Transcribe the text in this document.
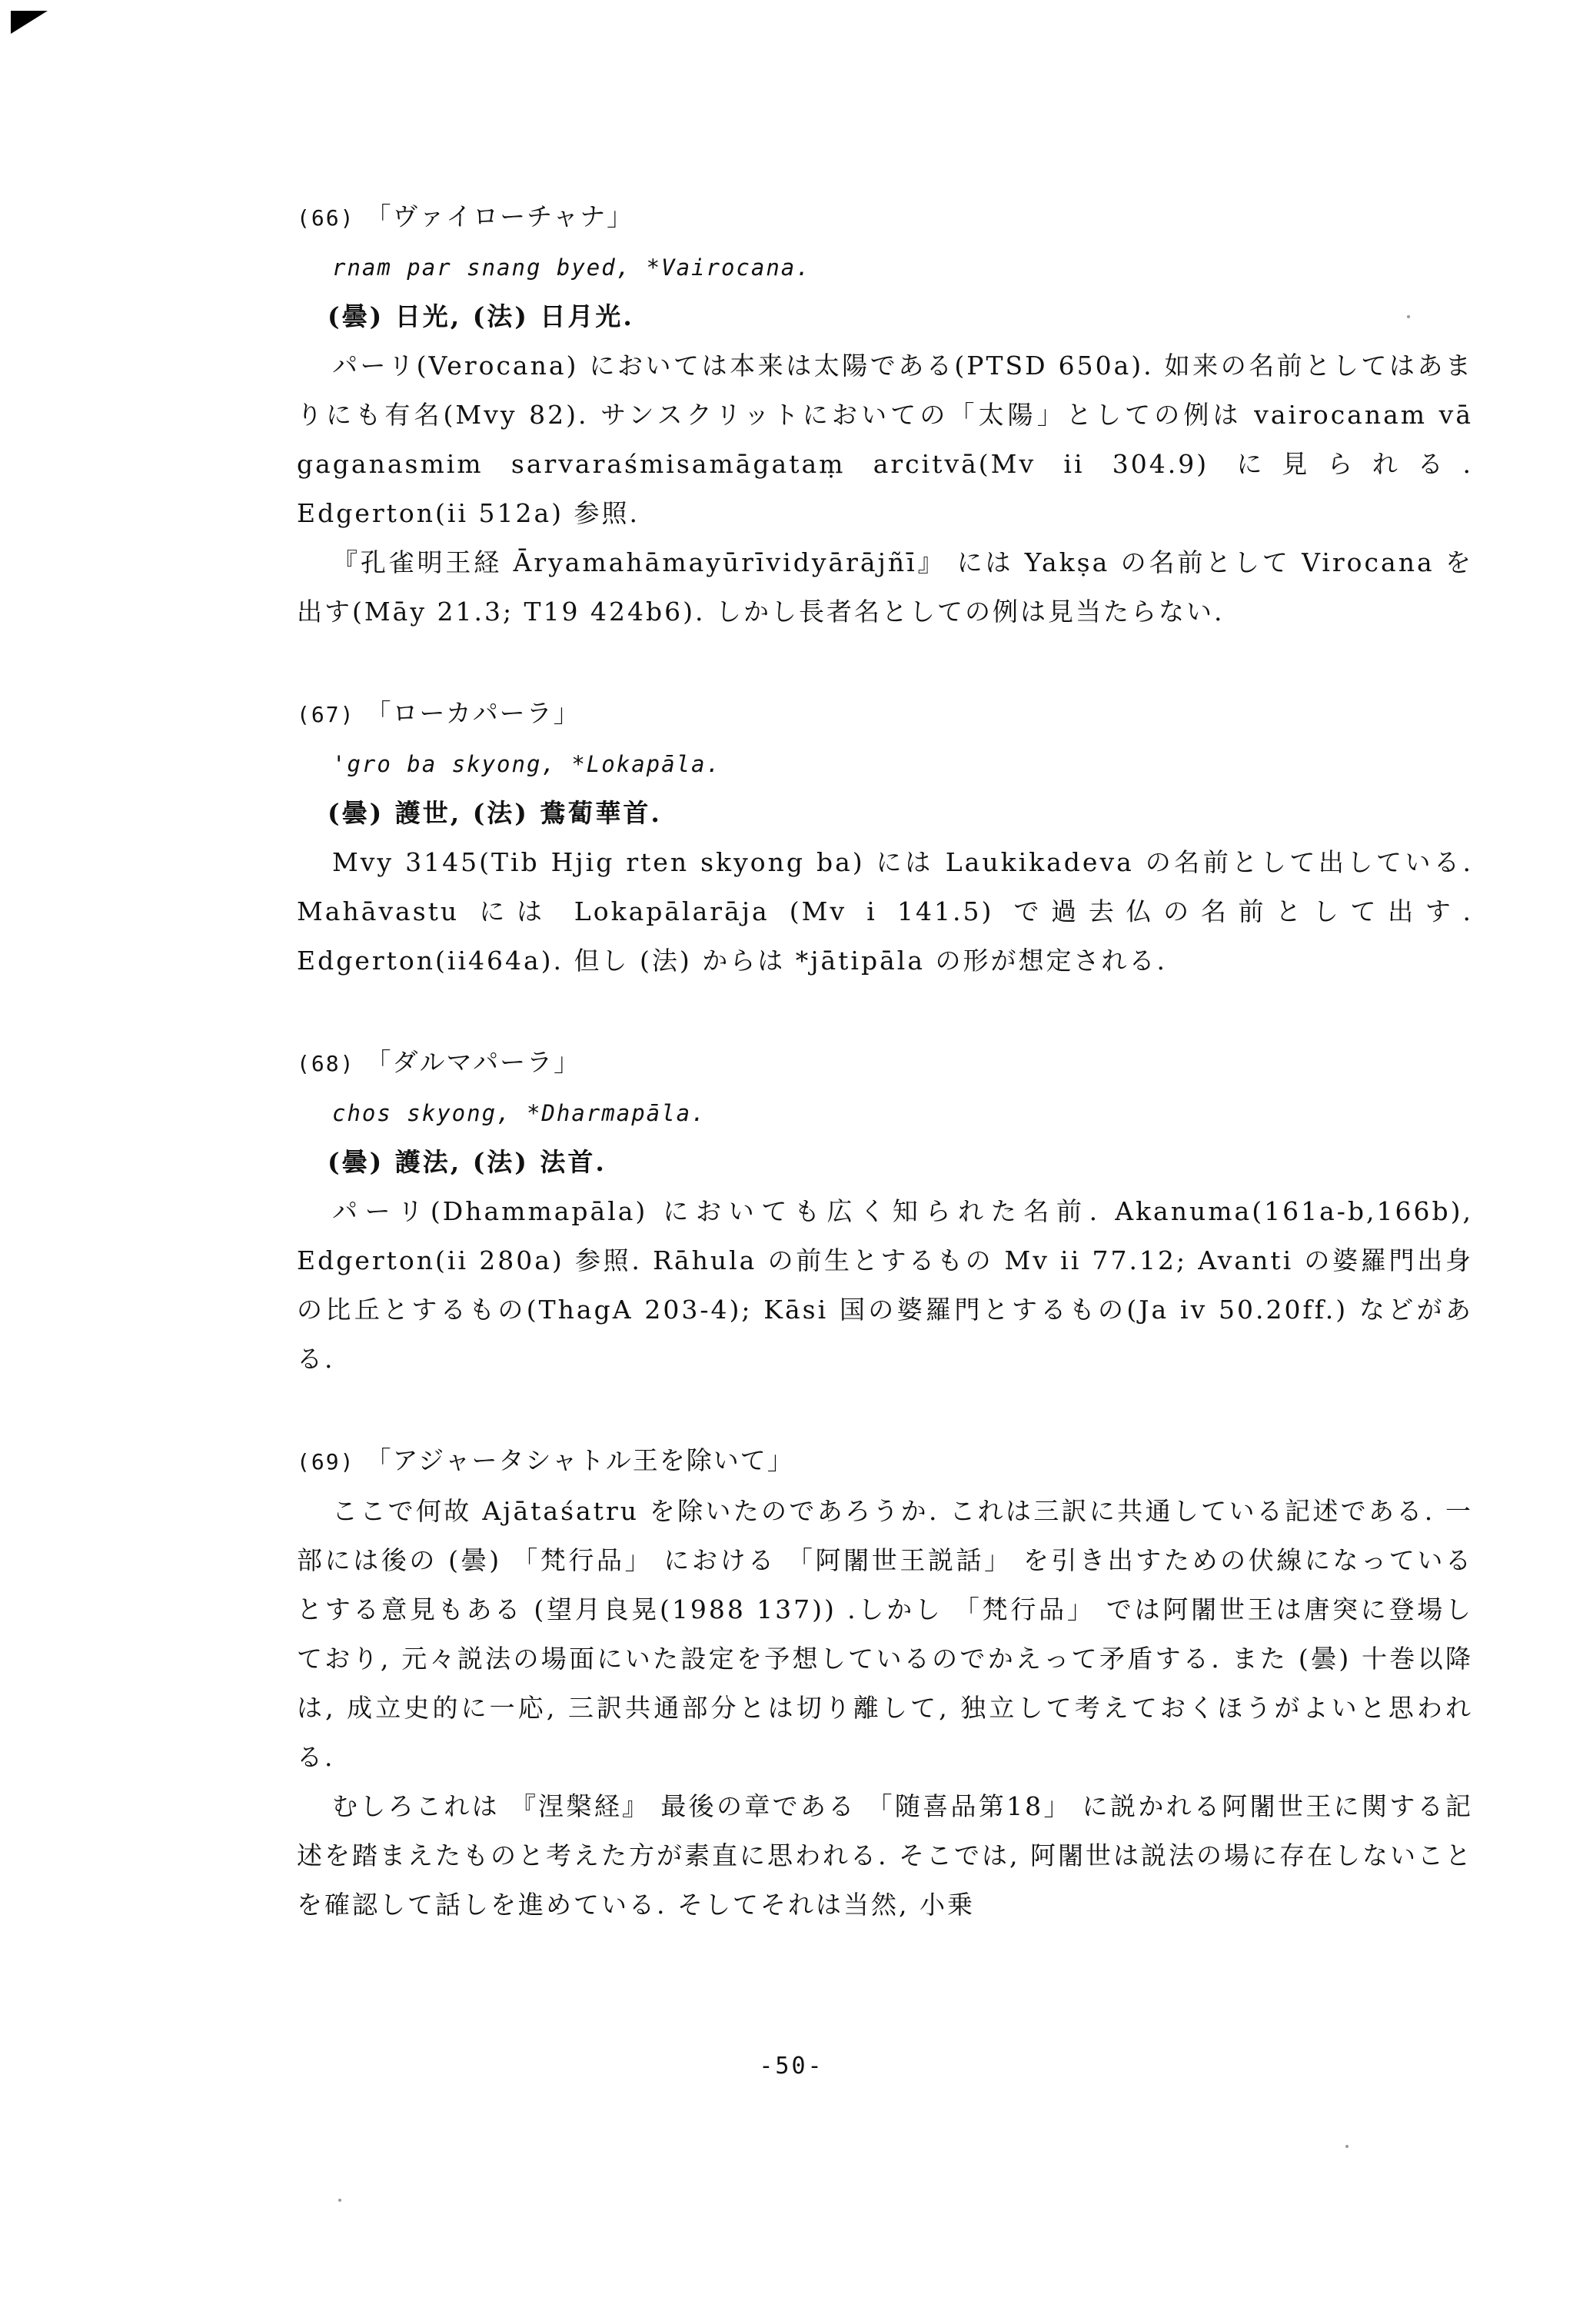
(66) 「ヴァイローチャナ」
rnam par snang byed, *Vairocana.
(曇) 日光, (法) 日月光.

パーリ(Verocana) においては本来は太陽である(PTSD 650a). 如来の名前としてはあまりにも有名(Mvy 82). サンスクリットにおいての「太陽」としての例は vairocanam vā gaganasmim sarvaraśmisamāgataṃ arcitvā(Mv ii 304.9) に見られる. Edgerton(ii 512a) 参照.

『孔雀明王経 Āryamahāmayūrīvidyārājñī』 には Yakṣa の名前として Virocana を出す(Māy 21.3; T19 424b6). しかし長者名としての例は見当たらない.

(67) 「ローカパーラ」
'gro ba skyong, *Lokapāla.
(曇) 護世, (法) 鴦蔔華首.

Mvy 3145(Tib Hjig rten skyong ba) には Laukikadeva の名前として出している. Mahāvastu には Lokapālarāja (Mv i 141.5) で過去仏の名前として出す. Edgerton(ii464a). 但し (法) からは *jātipāla の形が想定される.

(68) 「ダルマパーラ」
chos skyong, *Dharmapāla.
(曇) 護法, (法) 法首.

パーリ(Dhammapāla) においても広く知られた名前. Akanuma(161a-b,166b), Edgerton(ii 280a) 参照. Rāhula の前生とするもの Mv ii 77.12; Avanti の婆羅門出身の比丘とするもの(ThagA 203-4); Kāsi 国の婆羅門とするもの(Ja iv 50.20ff.) などがある.

(69) 「アジャータシャトル王を除いて」

ここで何故 Ajātaśatru を除いたのであろうか. これは三訳に共通している記述である. 一部には後の (曇) 「梵行品」 における 「阿闍世王説話」 を引き出すための伏線になっているとする意見もある (望月良晃(1988 137)) .しかし 「梵行品」 では阿闍世王は唐突に登場しており, 元々説法の場面にいた設定を予想しているのでかえって矛盾する. また (曇) 十巻以降は, 成立史的に一応, 三訳共通部分とは切り離して, 独立して考えておくほうがよいと思われる.

むしろこれは 『涅槃経』 最後の章である 「随喜品第18」 に説かれる阿闍世王に関する記述を踏まえたものと考えた方が素直に思われる. そこでは, 阿闍世は説法の場に存在しないことを確認して話しを進めている. そしてそれは当然, 小乗

-50-
